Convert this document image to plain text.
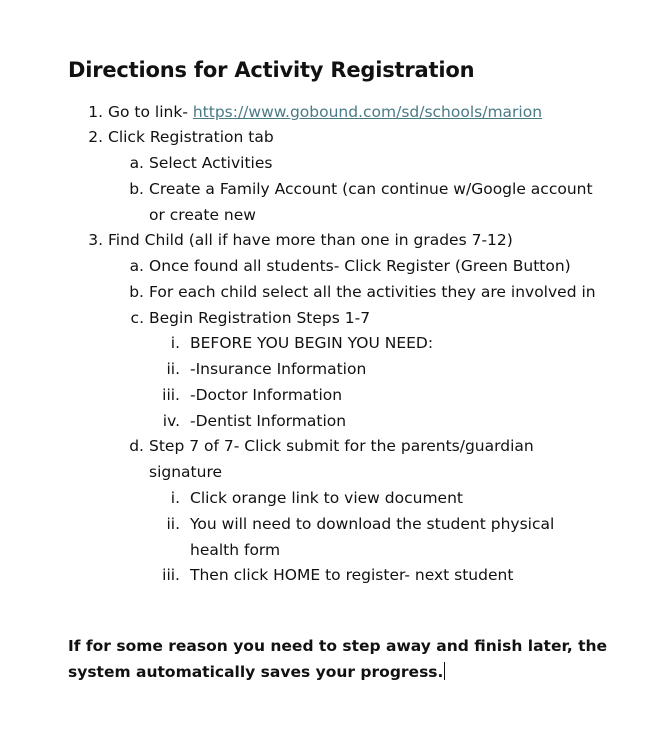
Directions for Activity Registration
1. Go to link- https://www.gobound.com/sd/schools/marion
2. Click Registration tab
a. Select Activities
b. Create a Family Account (can continue w/Google account
or create new
3. Find Child (all if have more than one in grades 7-12)
a. Once found all students- Click Register (Green Button)
b. For each child select all the activities they are involved in
c. Begin Registration Steps 1-7
i. BEFORE YOU BEGIN YOU NEED:
ii. -Insurance Information
iii. -Doctor Information
iv. -Dentist Information
d. Step 7 of 7- Click submit for the parents/guardian
signature
i. Click orange link to view document
ii. You will need to download the student physical
health form
iii. Then click HOME to register- next student
If for some reason you need to step away and finish later, the
system automatically saves your progress.
